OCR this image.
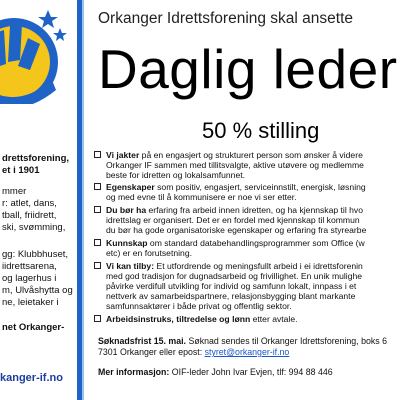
drettsforening,
et i 1901
mmer
r: atlet, dans,
tball, friidrett,
ski, svømming,
gg: Klubbhuset,
iidrettsarena,
og lagerhus i
m, Ulvåshytta og
ne, leietaker i
net Orkanger-
kanger-if.no
Orkanger Idrettsforening skal ansette
Daglig leder
50 % stilling
Vi jakter på en engasjert og strukturert person som ønsker å videre
Orkanger IF sammen med tillitsvalgte, aktive utøvere og medlemme
beste for idretten og lokalsamfunnet.
Egenskaper som positiv, engasjert, serviceinnstilt, energisk, løsning
og med evne til å kommunisere er noe vi ser etter.
Du bør ha erfaring fra arbeid innen idretten, og ha kjennskap til hvo
idrettslag er organisert. Det er en fordel med kjennskap til kommun
du bør ha gode organisatoriske egenskaper og erfaring fra styrearbe
Kunnskap om standard databehandlingsprogrammer som Office (w
etc) er en forutsetning.
Vi kan tilby: Et utfordrende og meningsfullt arbeid i ei idrettsforenin
med god tradisjon for dugnadsarbeid og frivillighet. En unik mulighe
påvirke verdifull utvikling for individ og samfunn lokalt, innpass i et
nettverk av samarbeidspartnere, relasjonsbygging blant markante
samfunnsaktører i både privat og offentlig sektor.
Arbeidsinstruks, tiltredelse og lønn etter avtale.
Søknadsfrist 15. mai. Søknad sendes til Orkanger Idrettsforening, boks 6
7301 Orkanger eller epost: styret@orkanger-if.no
Mer informasjon: OIF-leder John Ivar Evjen, tlf: 994 88 446
